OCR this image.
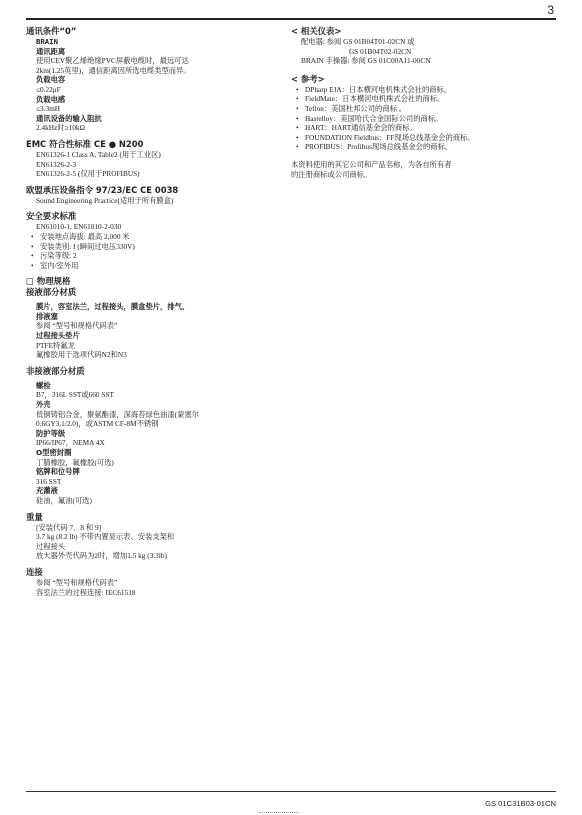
3
通讯条件“0”
BRAIN
通讯距离
使用CEV聚乙烯绝缘PVC屏蔽电缆时，最远可达
2km(1.25英里)，通信距离因所选电缆类型而异。
负载电容
≤0.22μF
负载电感
≤3.3mH
通讯设备的输入阻抗
2.4kHz时≥10kΩ
EMC 符合性标准 CE ● N200
EN61326-1 Class A, Table2 (用于工业区)
EN61326-2-3
EN61326-2-5 (仅用于PROFIBUS)
欧盟承压设备指令 97/23/EC CE 0038
Sound Engineering Practice(适用于所有膜盒)
安全要求标准
EN61010-1, EN61010-2-030
• 安装地点海拔: 最高 2,000 米
• 安装类别: I (瞬间过电压330V)
• 污染等级: 2
• 室内/室外用
□ 物理规格
接液部分材质
膜片，容室法兰，过程接头，膜盒垫片，排气、
排液塞
参阅 “型号和规格代码表”
过程接头垫片
PTFE特氟龙
氟橡胶用于选项代码N2和N3
非接液部分材质
螺栓
B7，316L SST或660 SST
外壳
低铜铸铝合金，聚氨酯漆，深海苔绿色油漆(蒙塞尔
0.6GY3.1/2.0)，或ASTM CF-8M不锈钢
防护等级
IP66/IP67，NEMA 4X
O型密封圈
丁腈橡胶，氟橡胶(可选)
铭牌和位号牌
316 SST
充灌液
硅油，氟油(可选)
重量
[安装代码 7、8 和 9]
3.7 kg (8.2 lb) 不带内置显示表、安装支架和
过程接头
放大器外壳代码为2时，增加1.5 kg (3.3lb)
连接
参阅 “型号和规格代码表”
容室法兰的过程连接: IEC61518
< 相关仪表>
配电器: 参阅 GS 01B04T01-02CN 或
GS 01B04T02-02CN
BRAIN 手操器: 参阅 GS 01C00A11-00CN
< 参考>
• DPharp EJA：日本横河电机株式会社的商标。
• FieldMate：日本横河电机株式会社的商标。
• Teflon：美国杜邦公司的商标 。
• Hastelloy：美国哈氏合金国际公司的商标。
• HART：HART通信基金会的商标。
• FOUNDATION Fieldbus：FF现场总线基金会的商标。
• PROFIBUS：Profibus现场总线基金会的商标。
本资料使用的其它公司和产品名称，为各自所有者
的注册商标或公司商标。
GS 01C31B03-01CN
